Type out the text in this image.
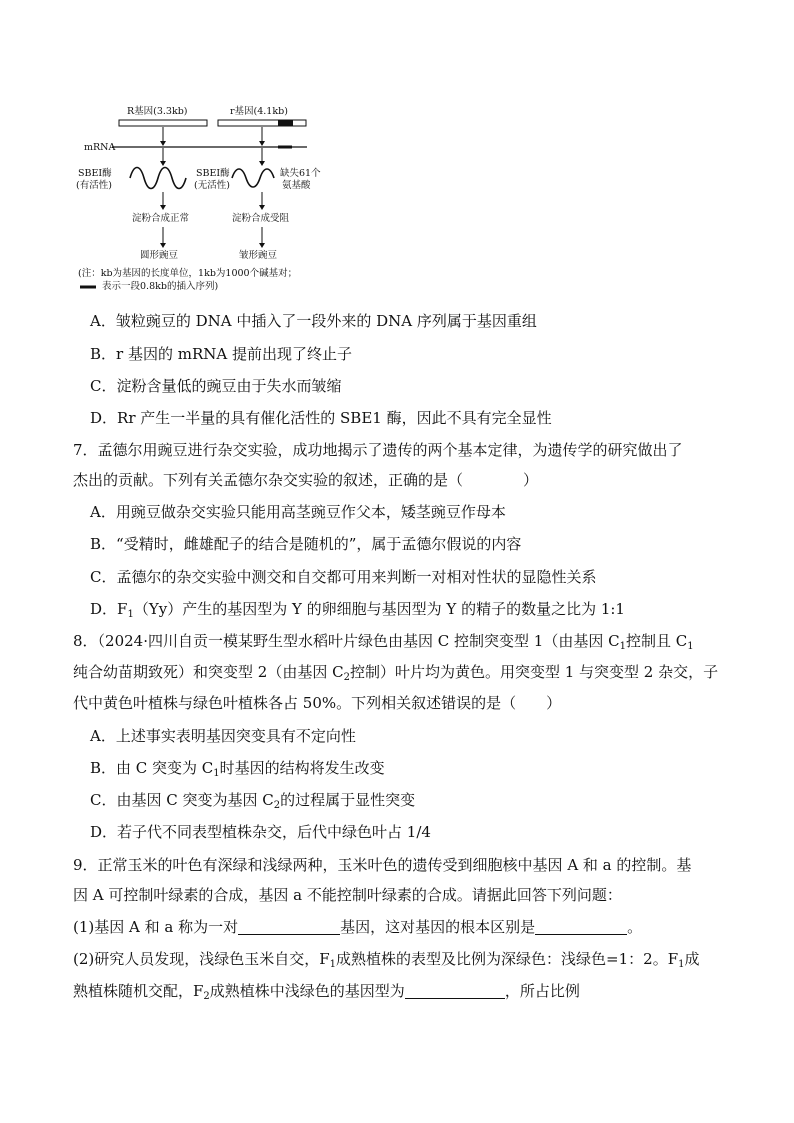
R基因(3.3kb)	r基因(4.1kb)
mRNA
SBEI酶
(有活性)
SBEI酶
(无活性)
缺失61个
氨基酸
淀粉合成正常	淀粉合成受阻
圆形豌豆	皱形豌豆
(注：kb为基因的长度单位，1kb为1000个碱基对；
表示一段0.8kb的插入序列)
A．皱粒豌豆的 DNA 中插入了一段外来的 DNA 序列属于基因重组
B．r 基因的 mRNA 提前出现了终止子
C．淀粉含量低的豌豆由于失水而皱缩
D．Rr 产生一半量的具有催化活性的 SBE1 酶，因此不具有完全显性
7．孟德尔用豌豆进行杂交实验，成功地揭示了遗传的两个基本定律，为遗传学的研究做出了
杰出的贡献。下列有关孟德尔杂交实验的叙述，正确的是（　　　　）
A．用豌豆做杂交实验只能用高茎豌豆作父本，矮茎豌豆作母本
B．“受精时，雌雄配子的结合是随机的”，属于孟德尔假说的内容
C．孟德尔的杂交实验中测交和自交都可用来判断一对相对性状的显隐性关系
D．$F_1(Yy)$产生的基因型为 Y 的卵细胞与基因型为 Y 的精子的数量之比为 1:1
8．（2024·四川自贡一模某野生型水稻叶片绿色由基因 C 控制突变型 1（由基因 $C_1$控制且 $C_1$
纯合幼苗期致死）和突变型 2（由基因 $C_2$控制）叶片均为黄色。用突变型 1 与突变型 2 杂交，子
代中黄色叶植株与绿色叶植株各占 50%。下列相关叙述错误的是（　　）
A．上述事实表明基因突变具有不定向性
B．由 C 突变为 $C_1$时基因的结构将发生改变
C．由基因 C 突变为基因 $C_2$的过程属于显性突变
D．若子代不同表型植株杂交，后代中绿色叶占 1/4
9．正常玉米的叶色有深绿和浅绿两种，玉米叶色的遗传受到细胞核中基因 A 和 a 的控制。基
因 A 可控制叶绿素的合成，基因 a 不能控制叶绿素的合成。请据此回答下列问题：
(1)基因 A 和 a 称为一对	基因，这对基因的根本区别是	。
(2)研究人员发现，浅绿色玉米自交，$F_1$成熟植株的表型及比例为深绿色：浅绿色=1：2。$F_1$成
熟植株随机交配，$F_2$成熟植株中浅绿色的基因型为	，所占比例
